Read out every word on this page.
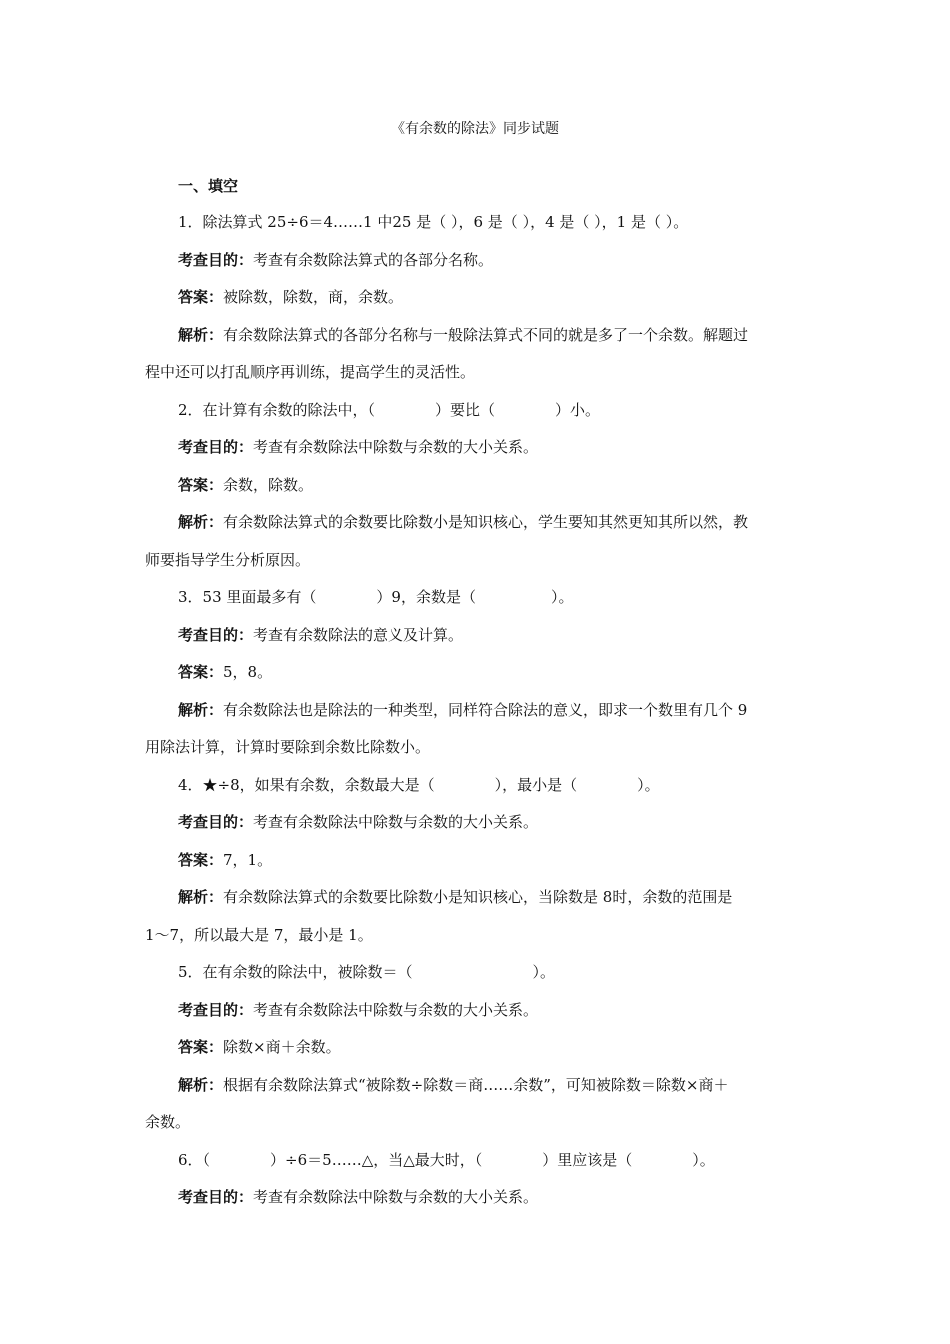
《有余数的除法》同步试题
一、填空
1．除法算式 25÷6＝4……1 中25 是（ ），6 是（ ），4 是（ ），1 是（ ）。
考查目的：考查有余数除法算式的各部分名称。
答案：被除数，除数，商，余数。
解析：有余数除法算式的各部分名称与一般除法算式不同的就是多了一个余数。解题过
程中还可以打乱顺序再训练，提高学生的灵活性。
2．在计算有余数的除法中，（　　　　）要比（　　　　）小。
考查目的：考查有余数除法中除数与余数的大小关系。
答案：余数，除数。
解析：有余数除法算式的余数要比除数小是知识核心，学生要知其然更知其所以然，教
师要指导学生分析原因。
3．53 里面最多有（　　　　）9，余数是（　　　　　）。
考查目的：考查有余数除法的意义及计算。
答案：5，8。
解析：有余数除法也是除法的一种类型，同样符合除法的意义，即求一个数里有几个 9
用除法计算，计算时要除到余数比除数小。
4．★÷8，如果有余数，余数最大是（　　　　），最小是（　　　　）。
考查目的：考查有余数除法中除数与余数的大小关系。
答案：7，1。
解析：有余数除法算式的余数要比除数小是知识核心，当除数是 8时，余数的范围是
1～7，所以最大是 7，最小是 1。
5．在有余数的除法中，被除数＝（　　　　　　　　）。
考查目的：考查有余数除法中除数与余数的大小关系。
答案：除数×商＋余数。
解析：根据有余数除法算式“被除数÷除数＝商……余数”，可知被除数＝除数×商＋
余数。
6．（　　　　）÷6＝5……△，当△最大时，（　　　　）里应该是（　　　　）。
考查目的：考查有余数除法中除数与余数的大小关系。
